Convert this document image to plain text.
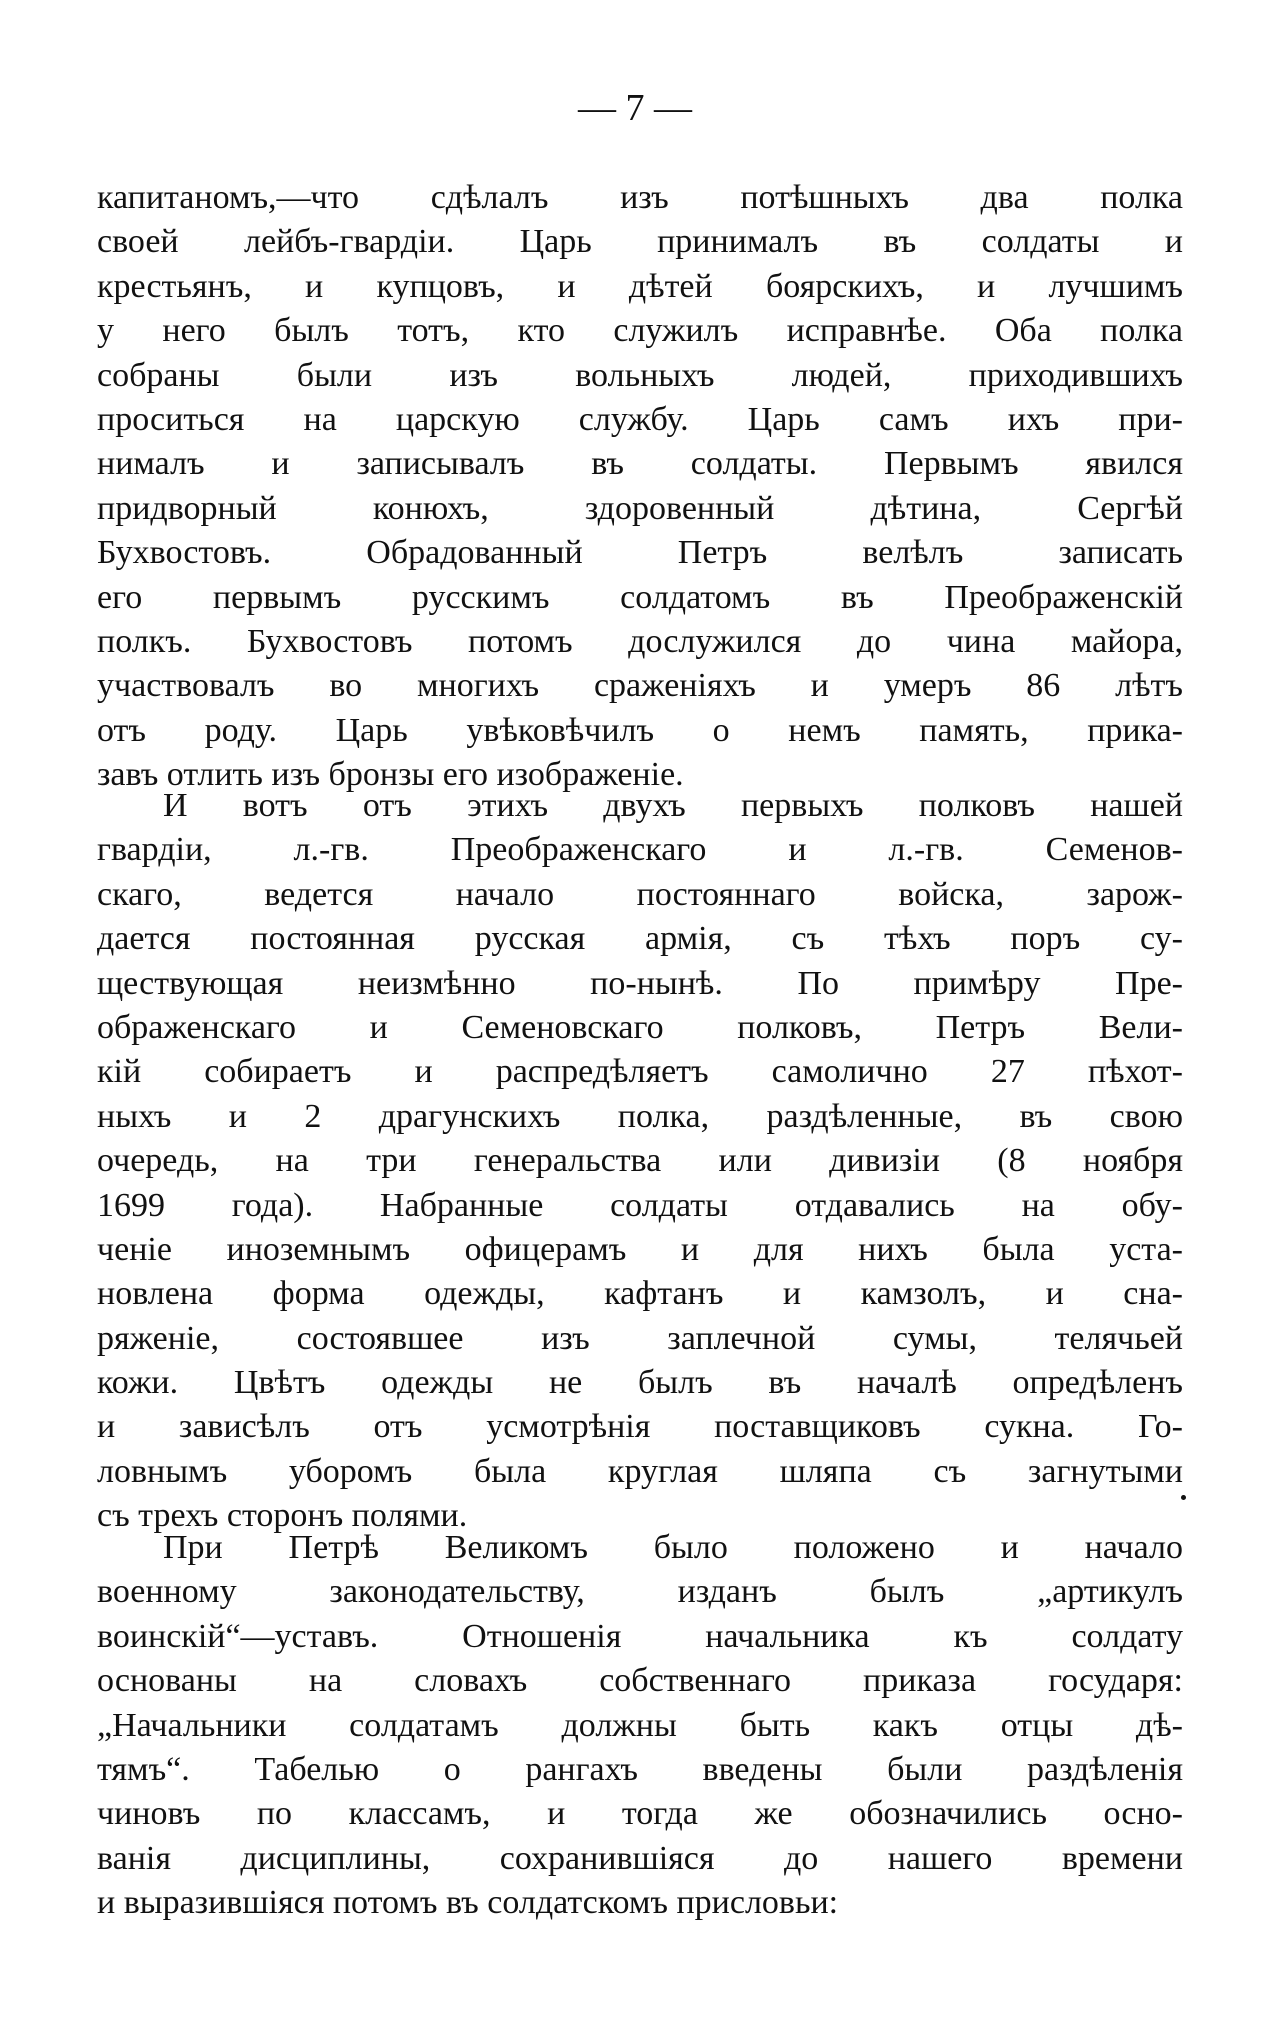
— 7 —
капитаномъ,—что сдѣлалъ изъ потѣшныхъ два полка
своей лейбъ-гвардіи. Царь принималъ въ солдаты и
крестьянъ, и купцовъ, и дѣтей боярскихъ, и лучшимъ
у него былъ тотъ, кто служилъ исправнѣе. Оба полка
собраны были изъ вольныхъ людей, приходившихъ
проситься на царскую службу. Царь самъ ихъ при-
нималъ и записывалъ въ солдаты. Первымъ явился
придворный конюхъ, здоровенный дѣтина, Сергѣй
Бухвостовъ. Обрадованный Петръ велѣлъ записать
его первымъ русскимъ солдатомъ въ Преображенскій
полкъ. Бухвостовъ потомъ дослужился до чина майора,
участвовалъ во многихъ сраженіяхъ и умеръ 86 лѣтъ
отъ роду. Царь увѣковѣчилъ о немъ память, прика-
завъ отлить изъ бронзы его изображеніе.
И вотъ отъ этихъ двухъ первыхъ полковъ нашей
гвардіи, л.-гв. Преображенскаго и л.-гв. Семенов-
скаго, ведется начало постояннаго войска, зарож-
дается постоянная русская армія, съ тѣхъ поръ су-
ществующая неизмѣнно по-нынѣ. По примѣру Пре-
ображенскаго и Семеновскаго полковъ, Петръ Вели-
кій собираетъ и распредѣляетъ самолично 27 пѣхот-
ныхъ и 2 драгунскихъ полка, раздѣленные, въ свою
очередь, на три генеральства или дивизіи (8 ноября
1699 года). Набранные солдаты отдавались на обу-
ченіе иноземнымъ офицерамъ и для нихъ была уста-
новлена форма одежды, кафтанъ и камзолъ, и сна-
ряженіе, состоявшее изъ заплечной сумы, телячьей
кожи. Цвѣтъ одежды не былъ въ началѣ опредѣленъ
и зависѣлъ отъ усмотрѣнія поставщиковъ сукна. Го-
ловнымъ уборомъ была круглая шляпа съ загнутыми
съ трехъ сторонъ полями.
При Петрѣ Великомъ было положено и начало
военному законодательству, изданъ былъ „артикулъ
воинскій“—уставъ. Отношенія начальника къ солдату
основаны на словахъ собственнаго приказа государя:
„Начальники солдатамъ должны быть какъ отцы дѣ-
тямъ“. Табелью о рангахъ введены были раздѣленія
чиновъ по классамъ, и тогда же обозначились осно-
ванія дисциплины, сохранившіяся до нашего времени
и выразившіяся потомъ въ солдатскомъ присловьи:
